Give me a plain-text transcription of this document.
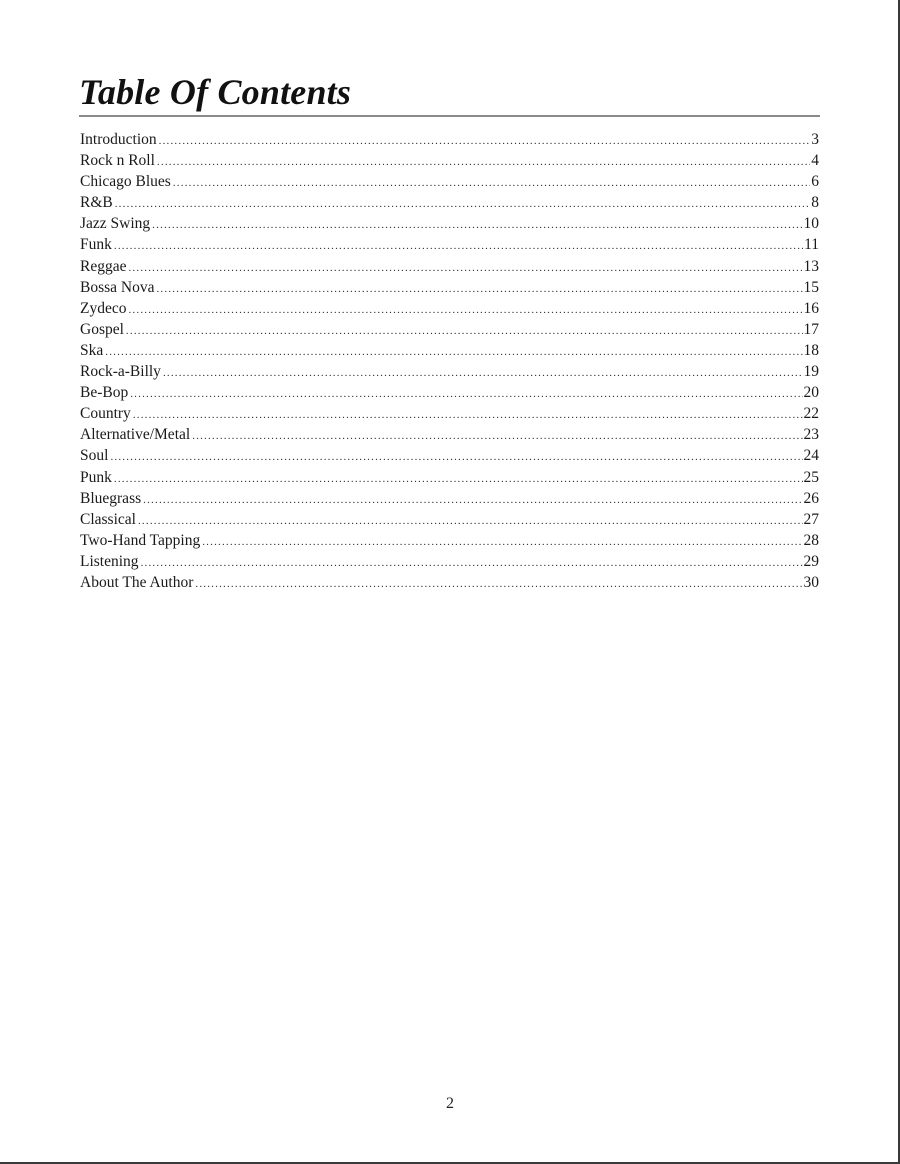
Table Of Contents
Introduction .....	3
Rock n Roll .....	4
Chicago Blues .....	6
R&B .....	8
Jazz Swing .....	10
Funk .....	11
Reggae .....	13
Bossa Nova .....	15
Zydeco .....	16
Gospel .....	17
Ska .....	18
Rock-a-Billy .....	19
Be-Bop .....	20
Country .....	22
Alternative/Metal .....	23
Soul .....	24
Punk .....	25
Bluegrass .....	26
Classical .....	27
Two-Hand Tapping .....	28
Listening .....	29
About The Author .....	30
2
